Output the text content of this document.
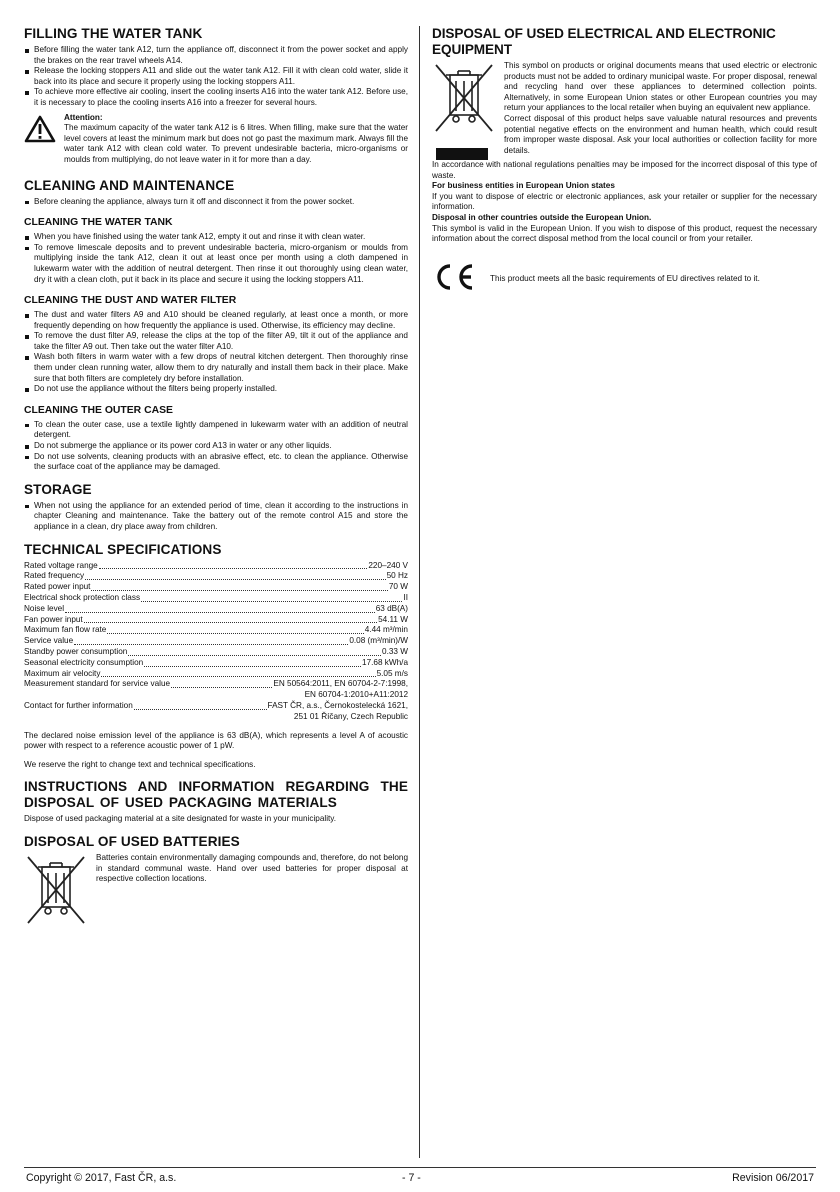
FILLING THE WATER TANK
Before filling the water tank A12, turn the appliance off, disconnect it from the power socket and apply the brakes on the rear travel wheels A14.
Release the locking stoppers A11 and slide out the water tank A12. Fill it with clean cold water, slide it back into its place and secure it properly using the locking stoppers A11.
To achieve more effective air cooling, insert the cooling inserts A16 into the water tank A12. Before use, it is necessary to place the cooling inserts A16 into a freezer for several hours.

Attention:

The maximum capacity of the water tank A12 is 6 litres. When filling, make sure that the water level covers at least the minimum mark but does not go past the maximum mark. Always fill the water tank A12 with clean cold water. To prevent undesirable bacteria, micro-organisms or moulds from multiplying, do not leave water in it for more than a day.

CLEANING AND MAINTENANCE
Before cleaning the appliance, always turn it off and disconnect it from the power socket.
CLEANING THE WATER TANK
When you have finished using the water tank A12, empty it out and rinse it with clean water.
To remove limescale deposits and to prevent undesirable bacteria, micro-organism or moulds from multiplying inside the tank A12, clean it out at least once per month using a cloth dampened in lukewarm water with the addition of neutral detergent. Then rinse it out thoroughly using clean water, dry it with a clean cloth, put it back in its place and secure it using the locking stoppers A11.
CLEANING THE DUST AND WATER FILTER
The dust and water filters A9 and A10 should be cleaned regularly, at least once a month, or more frequently depending on how frequently the appliance is used. Otherwise, its efficiency may decline.
To remove the dust filter A9, release the clips at the top of the filter A9, tilt it out of the appliance and take the filter A9 out. Then take out the water filter A10.
Wash both filters in warm water with a few drops of neutral kitchen detergent. Then thoroughly rinse them under clean running water, allow them to dry naturally and install them back in their place. Make sure that both filters are completely dry before installation.
Do not use the appliance without the filters being properly installed.
CLEANING THE OUTER CASE
To clean the outer case, use a textile lightly dampened in lukewarm water with an addition of neutral detergent.
Do not submerge the appliance or its power cord A13 in water or any other liquids.
Do not use solvents, cleaning products with an abrasive effect, etc. to clean the appliance. Otherwise the surface coat of the appliance may be damaged.
STORAGE
When not using the appliance for an extended period of time, clean it according to the instructions in chapter Cleaning and maintenance. Take the battery out of the remote control A15 and store the appliance in a clean, dry place away from children.
TECHNICAL SPECIFICATIONS
Rated voltage range	220–240 V
Rated frequency	50 Hz
Rated power input	70 W
Electrical shock protection class	II
Noise level	63 dB(A)
Fan power input	54.11 W
Maximum fan flow rate	4.44 m³/min
Service value	0.08 (m³/min)/W
Standby power consumption	0.33 W
Seasonal electricity consumption	17.68 kWh/a
Maximum air velocity	5.05 m/s
Measurement standard for service value	EN 50564:2011, EN 60704-2-7:1998,
EN 60704-1:2010+A11:2012
Contact for further information	FAST ČR, a.s., Černokostelecká 1621,
251 01 Říčany, Czech Republic

The declared noise emission level of the appliance is 63 dB(A), which represents a level A of acoustic power with respect to a reference acoustic power of 1 pW.

We reserve the right to change text and technical specifications.

INSTRUCTIONS AND INFORMATION REGARDING THE DISPOSAL OF USED PACKAGING MATERIALS

Dispose of used packaging material at a site designated for waste in your municipality.

DISPOSAL OF USED BATTERIES

Batteries contain environmentally damaging compounds and, therefore, do not belong in standard communal waste. Hand over used batteries for proper disposal at respective collection locations.

DISPOSAL OF USED ELECTRICAL AND ELECTRONIC EQUIPMENT

This symbol on products or original documents means that used electric or electronic products must not be added to ordinary municipal waste. For proper disposal, renewal and recycling hand over these appliances to determined collection points. Alternatively, in some European Union states or other European countries you may return your appliances to the local retailer when buying an equivalent new appliance.

Correct disposal of this product helps save valuable natural resources and prevents potential negative effects on the environment and human health, which could result from improper waste disposal. Ask your local authorities or collection facility for more details.

In accordance with national regulations penalties may be imposed for the incorrect disposal of this type of waste.

For business entities in European Union states

If you want to dispose of electric or electronic appliances, ask your retailer or supplier for the necessary information.

Disposal in other countries outside the European Union.

This symbol is valid in the European Union. If you wish to dispose of this product, request the necessary information about the correct disposal method from the local council or from your retailer.

This product meets all the basic requirements of EU directives related to it.

Copyright © 2017, Fast ČR, a.s.	- 7 -	Revision 06/2017
